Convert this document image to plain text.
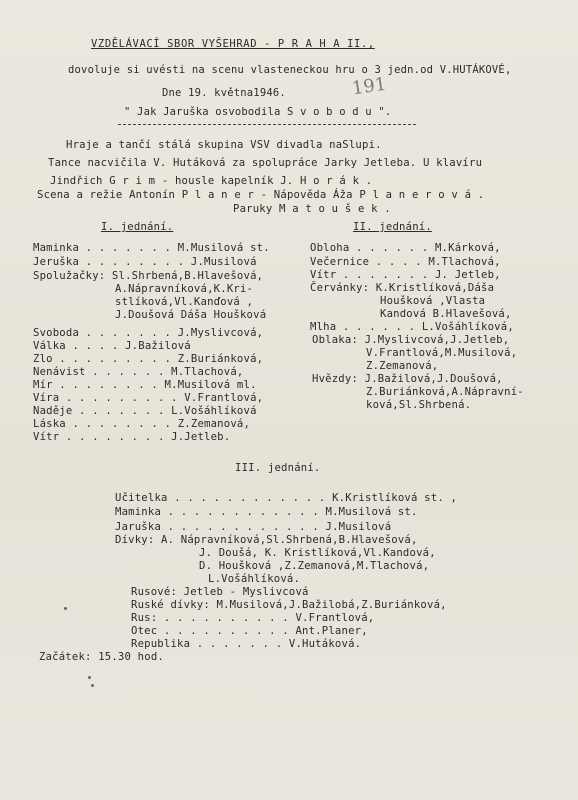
VZDĚLÁVACÍ SBOR VYŠEHRAD - P R A H A II.,
dovoluje si uvésti na scenu vlasteneckou hru o 3 jedn.od V.HUTÁKOVÉ,
Dne 19. května1946.	191
" Jak Jaruška osvobodila S v o b o d u ".
Hraje a tančí stálá skupina VSV divadla naSlupi.
Tance nacvičila V. Hutáková za spolupráce Jarky Jetleba. U klavíru
Jindřich G r i m - housle kapelník J. H o r á k .
Scena a režie Antonín P l a n e r - Nápověda Áža P l a n e r o v á .
Paruky M a t o u š e k .
I. jednání.
Maminka . . . . . . . M.Musilová st.
Jeruška . . . . . . . . J.Musilová
Spolužačky: Sl.Shrbená,B.Hlavešová,
A.Nápravníková,K.Kri-
stlíková,Vl.Kanďová ,
J.Doušová Dáša Houšková
Svoboda . . . . . . . J.Myslivcová,
Válka . . . . J.Bažilová
Zlo . . . . . . . . . Z.Buriánková,
Nenávist . . . . . . M.Tlachová,
Mír . . . . . . . . M.Musilová ml.
Víra . . . . . . . . . V.Frantlová,
Naděje . . . . . . . L.Vošáhlíková
Láska . . . . . . . . Z.Zemanová,
Vítr . . . . . . . . J.Jetleb.
II. jednání.
Obloha . . . . . . M.Kárková,
Večernice . . . . M.Tlachová,
Vítr . . . . . . . J. Jetleb,
Červánky: K.Kristlíková,Dáša
Houšková ,Vlasta
Kandová B.Hlavešová,
Mlha . . . . . . L.Vošáhlíková,
Oblaka: J.Myslivcová,J.Jetleb,
V.Frantlová,M.Musilová,
Z.Zemanová,
Hvězdy: J.Bažilová,J.Doušová,
Z.Buriánková,A.Nápravní-
ková,Sl.Shrbená.
III. jednání.
Učitelka . . . . . . . . . . . . K.Kristlíková st. ,
Maminka . . . . . . . . . . . . M.Musilová st.
Jaruška . . . . . . . . . . . . J.Musilová
Dívky: A. Nápravníková,Sl.Shrbená,B.Hlavešová,
J. Doušá, K. Kristlíková,Vl.Kandová,
D. Houšková ,Z.Zemanová,M.Tlachová,
L.Vošáhlíková.
Rusové: Jetleb - Myslivcová
Ruské dívky: M.Musilová,J.Bažilobá,Z.Buriánková,
Rus: . . . . . . . . . . V.Frantlová,
Otec . . . . . . . . . . Ant.Planer,
Republika . . . . . . . V.Hutáková.
Začátek: 15.30 hod.
